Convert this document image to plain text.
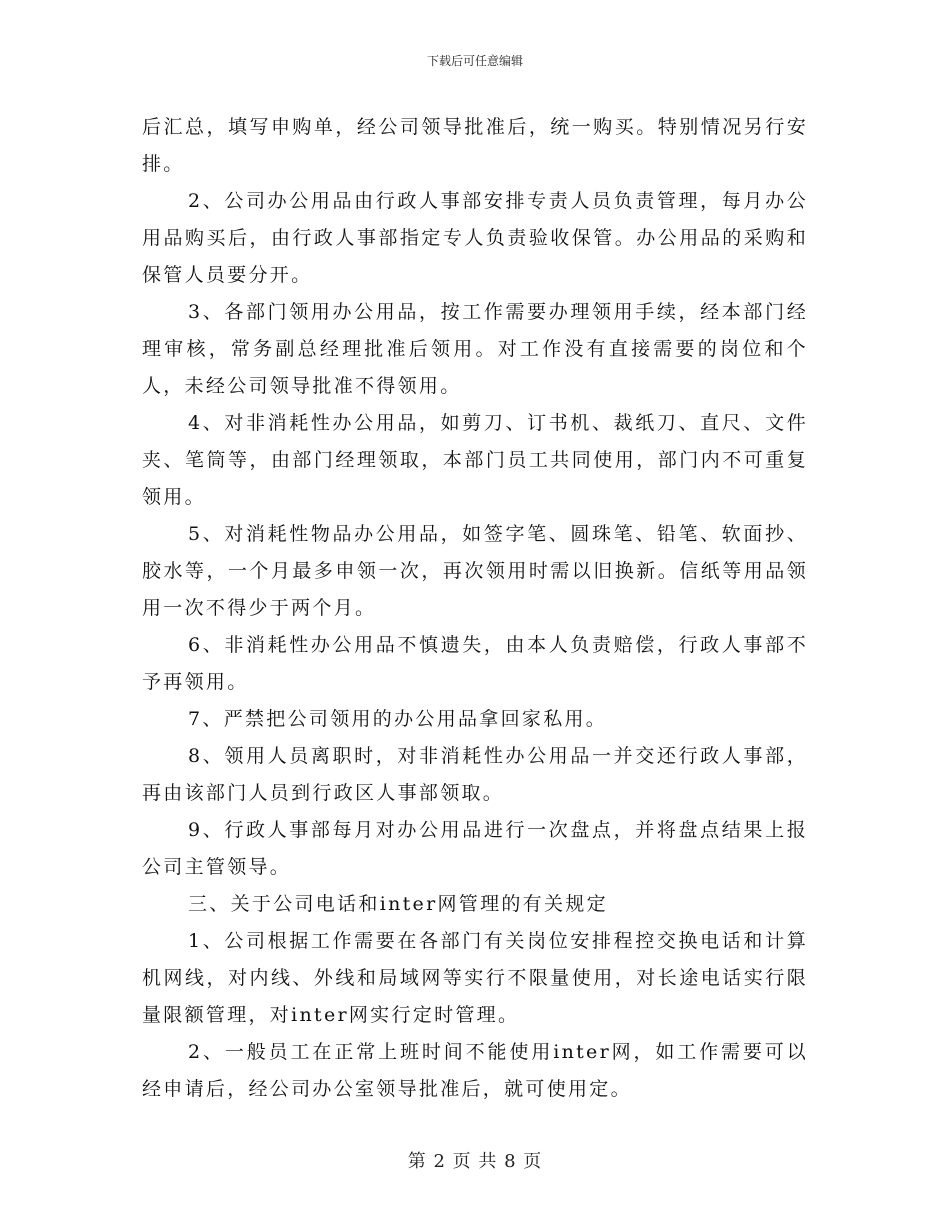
下载后可任意编辑

后汇总，填写申购单，经公司领导批准后，统一购买。特别情况另行安排。

2、公司办公用品由行政人事部安排专责人员负责管理，每月办公用品购买后，由行政人事部指定专人负责验收保管。办公用品的采购和保管人员要分开。

3、各部门领用办公用品，按工作需要办理领用手续，经本部门经理审核，常务副总经理批准后领用。对工作没有直接需要的岗位和个人，未经公司领导批准不得领用。

4、对非消耗性办公用品，如剪刀、订书机、裁纸刀、直尺、文件夹、笔筒等，由部门经理领取，本部门员工共同使用，部门内不可重复领用。

5、对消耗性物品办公用品，如签字笔、圆珠笔、铅笔、软面抄、胶水等，一个月最多申领一次，再次领用时需以旧换新。信纸等用品领用一次不得少于两个月。

6、非消耗性办公用品不慎遗失，由本人负责赔偿，行政人事部不予再领用。

7、严禁把公司领用的办公用品拿回家私用。

8、领用人员离职时，对非消耗性办公用品一并交还行政人事部，再由该部门人员到行政区人事部领取。

9、行政人事部每月对办公用品进行一次盘点，并将盘点结果上报公司主管领导。

三、关于公司电话和inter网管理的有关规定

1、公司根据工作需要在各部门有关岗位安排程控交换电话和计算机网线，对内线、外线和局域网等实行不限量使用，对长途电话实行限量限额管理，对inter网实行定时管理。

2、一般员工在正常上班时间不能使用inter网，如工作需要可以经申请后，经公司办公室领导批准后，就可使用定。

第 2 页 共 8 页
